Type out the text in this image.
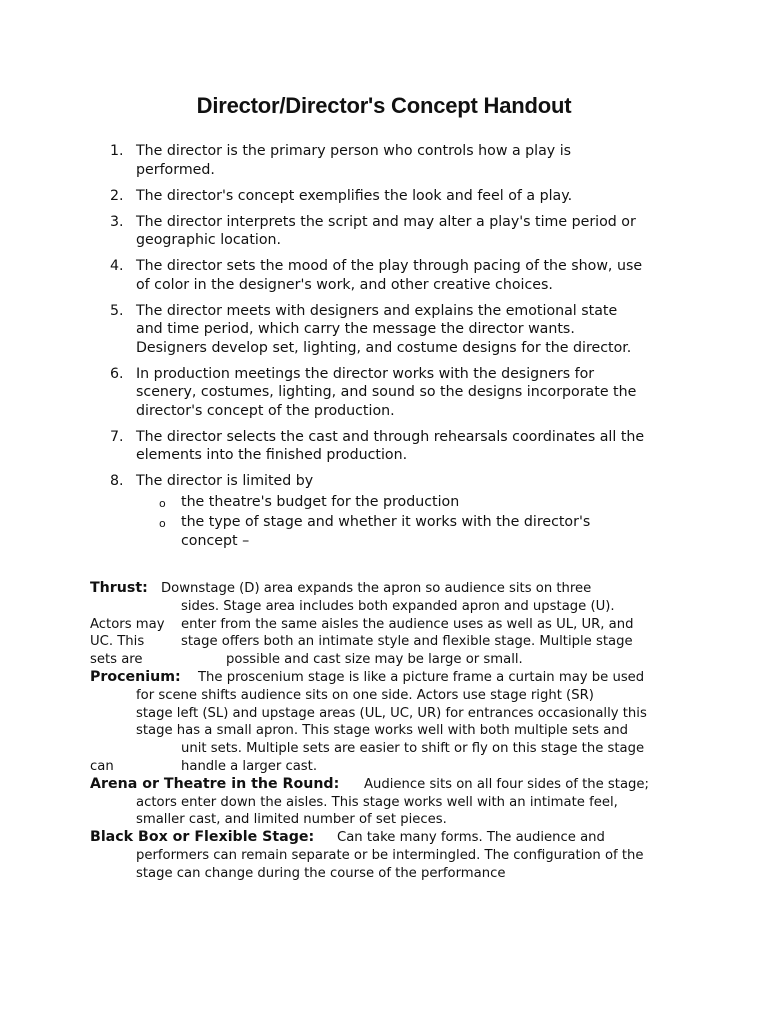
Director/Director's Concept Handout
1. The director is the primary person who controls how a play is
performed.
2. The director's concept exemplifies the look and feel of a play.
3. The director interprets the script and may alter a play's time period or
geographic location.
4. The director sets the mood of the play through pacing of the show, use
of color in the designer's work, and other creative choices.
5. The director meets with designers and explains the emotional state
and time period, which carry the message the director wants.
Designers develop set, lighting, and costume designs for the director.
6. In production meetings the director works with the designers for
scenery, costumes, lighting, and sound so the designs incorporate the
director's concept of the production.
7. The director selects the cast and through rehearsals coordinates all the
elements into the finished production.
8. The director is limited by
o the theatre's budget for the production
o the type of stage and whether it works with the director's
concept –
Thrust: Downstage (D) area expands the apron so audience sits on three
sides. Stage area includes both expanded apron and upstage (U).
Actors may enter from the same aisles the audience uses as well as UL, UR, and
UC. This	stage offers both an intimate style and flexible stage. Multiple stage
sets are	possible and cast size may be large or small.
Procenium: The proscenium stage is like a picture frame a curtain may be used
for scene shifts audience sits on one side. Actors use stage right (SR)
stage left (SL) and upstage areas (UL, UC, UR) for entrances occasionally this
stage has a small apron. This stage works well with both multiple sets and
unit sets. Multiple sets are easier to shift or fly on this stage the stage
can	handle a larger cast.
Arena or Theatre in the Round: Audience sits on all four sides of the stage;
actors enter down the aisles. This stage works well with an intimate feel,
smaller cast, and limited number of set pieces.
Black Box or Flexible Stage: Can take many forms. The audience and
performers can remain separate or be intermingled. The configuration of the
stage can change during the course of the performance
